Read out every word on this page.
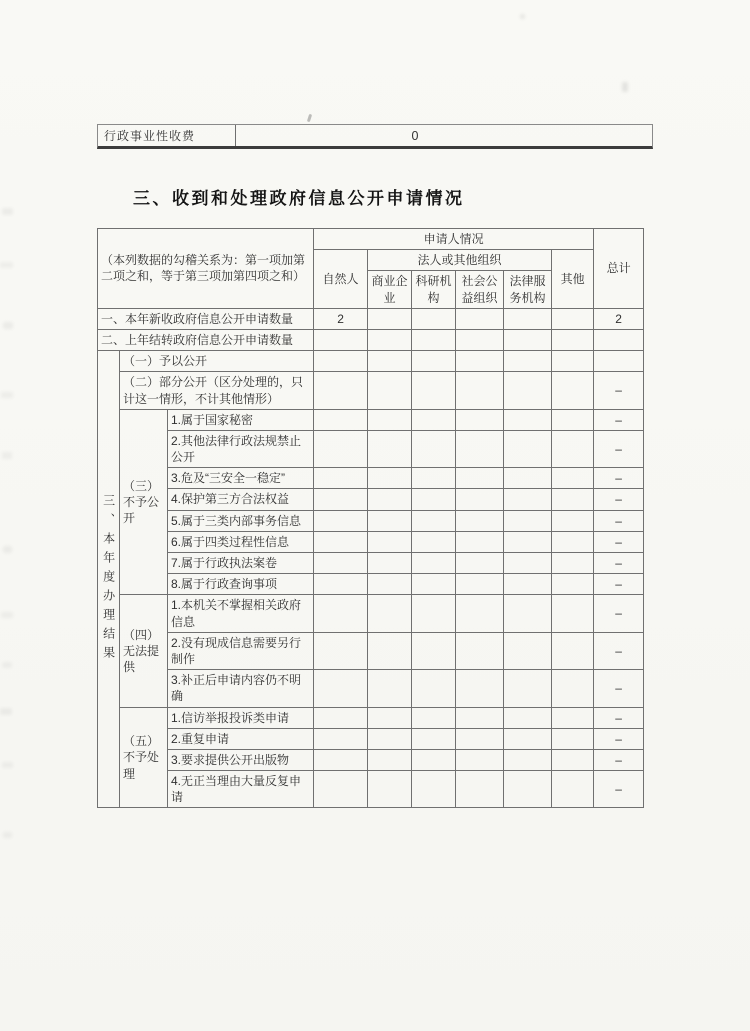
行政事业性收费	0
三、收到和处理政府信息公开申请情况
（本列数据的勾稽关系为：第一项加第二项之和，等于第三项加第四项之和）			申请人情况						总计
			自然人	法人或其他组织				其他	
				商业企业	科研机构	社会公益组织	法律服务机构		
一、本年新收政府信息公开申请数量			2						2
二、上年结转政府信息公开申请数量									
三、本年度办理结果	（一）予以公开								
	（二）部分公开（区分处理的，只计这一情形，不计其他情形）								–
	（三）不予公开	1.属于国家秘密							–
		2.其他法律行政法规禁止公开							–
		3.危及“三安全一稳定”							–
		4.保护第三方合法权益							–
		5.属于三类内部事务信息							–
		6.属于四类过程性信息							–
		7.属于行政执法案卷							–
		8.属于行政查询事项							–
	（四）无法提供	1.本机关不掌握相关政府信息							–
		2.没有现成信息需要另行制作							–
		3.补正后申请内容仍不明确							–
	（五）不予处理	1.信访举报投诉类申请							–
		2.重复申请							–
		3.要求提供公开出版物							–
		4.无正当理由大量反复申请							–
